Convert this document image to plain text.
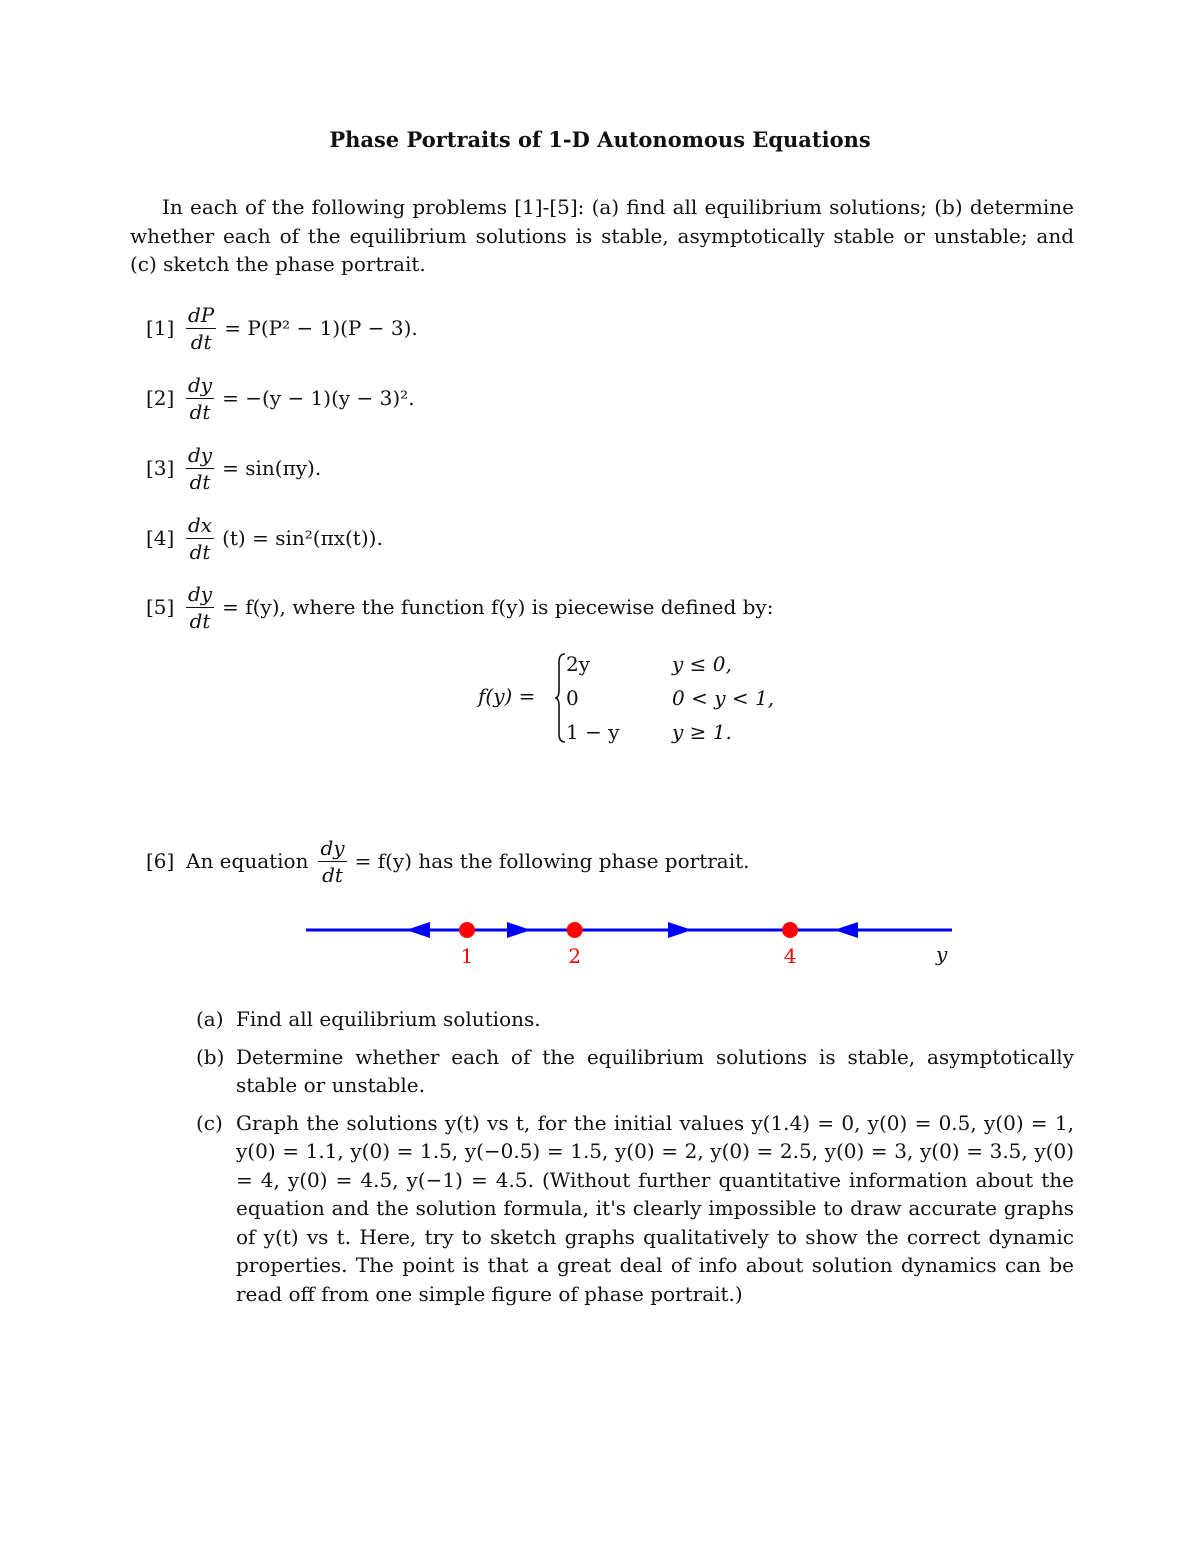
Phase Portraits of 1-D Autonomous Equations
In each of the following problems [1]-[5]: (a) find all equilibrium solutions; (b) determine whether each of the equilibrium solutions is stable, asymptotically stable or unstable; and (c) sketch the phase portrait.
$[1] \frac{dP}{dt} = P(P^2 - 1)(P - 3)$.
$[2] \frac{dy}{dt} = -(y - 1)(y - 3)^2$.
$[3] \frac{dy}{dt} = \sin(\pi y)$.
$[4] \frac{dx}{dt} (t) = \sin^2(\pi x(t))$.
$[5] \frac{dy}{dt} = f(y)$, where the function f(y) is piecewise defined by:
f(y) =
2y	y ≤ 0,
0	0 < y < 1,
1 − y	y ≥ 1.
[6] An equation $\frac{dy}{dt} = f(y)$ has the following phase portrait.
1	2	4	y
(a) Find all equilibrium solutions.
(b) Determine whether each of the equilibrium solutions is stable, asymptotically stable or unstable.
(c) Graph the solutions y(t) vs t, for the initial values y(1.4) = 0, y(0) = 0.5, y(0) = 1, y(0) = 1.1, y(0) = 1.5, y(−0.5) = 1.5, y(0) = 2, y(0) = 2.5, y(0) = 3, y(0) = 3.5, y(0) = 4, y(0) = 4.5, y(−1) = 4.5. (Without further quantitative information about the equation and the solution formula, it's clearly impossible to draw accurate graphs of y(t) vs t. Here, try to sketch graphs qualitatively to show the correct dynamic properties. The point is that a great deal of info about solution dynamics can be read off from one simple figure of phase portrait.)
